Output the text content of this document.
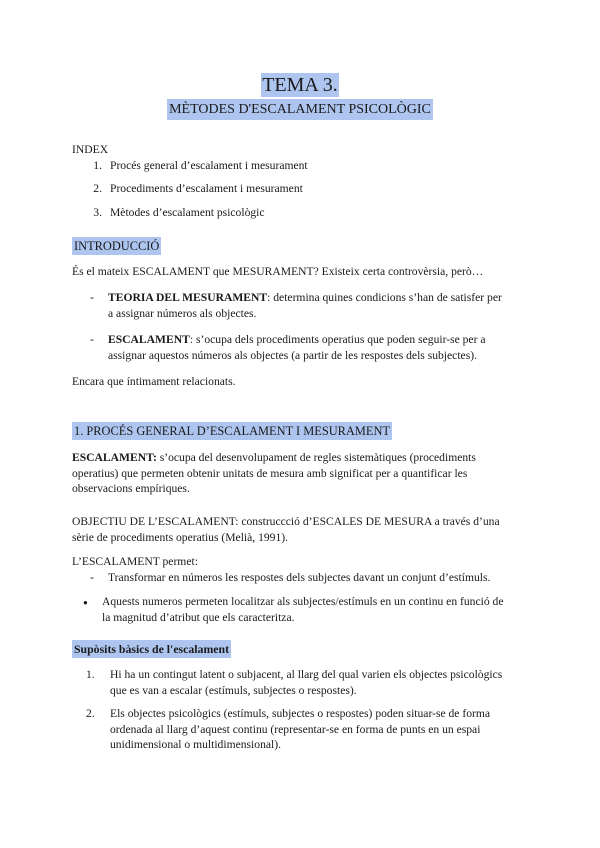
TEMA 3.
MÈTODES D'ESCALAMENT PSICOLÒGIC
INDEX
1. Procés general d’escalament i mesurament
2. Procediments d’escalament i mesurament
3. Mètodes d’escalament psicològic
INTRODUCCIÓ
És el mateix ESCALAMENT que MESURAMENT? Existeix certa controvèrsia, però…
- TEORIA DEL MESURAMENT: determina quines condicions s’han de satisfer per
a assignar números als objectes.
- ESCALAMENT: s’ocupa dels procediments operatius que poden seguir-se per a
assignar aquestos números als objectes (a partir de les respostes dels subjectes).
Encara que íntimament relacionats.
1. PROCÉS GENERAL D’ESCALAMENT I MESURAMENT
ESCALAMENT: s’ocupa del desenvolupament de regles sistemàtiques (procediments
operatius) que permeten obtenir unitats de mesura amb significat per a quantificar les
observacions empíriques.
OBJECTIU DE L’ESCALAMENT: construccció d’ESCALES DE MESURA a través d’una
sèrie de procediments operatius (Melià, 1991).
L’ESCALAMENT permet:
- Transformar en números les respostes dels subjectes davant un conjunt d’estímuls.
● Aquests numeros permeten localitzar als subjectes/estímuls en un continu en funció de
la magnitud d’atribut que els caracteritza.
Supòsits bàsics de l'escalament
1. Hi ha un contingut latent o subjacent, al llarg del qual varien els objectes psicològics
que es van a escalar (estímuls, subjectes o respostes).
2. Els objectes psicològics (estímuls, subjectes o respostes) poden situar-se de forma
ordenada al llarg d’aquest continu (representar-se en forma de punts en un espai
unidimensional o multidimensional).
